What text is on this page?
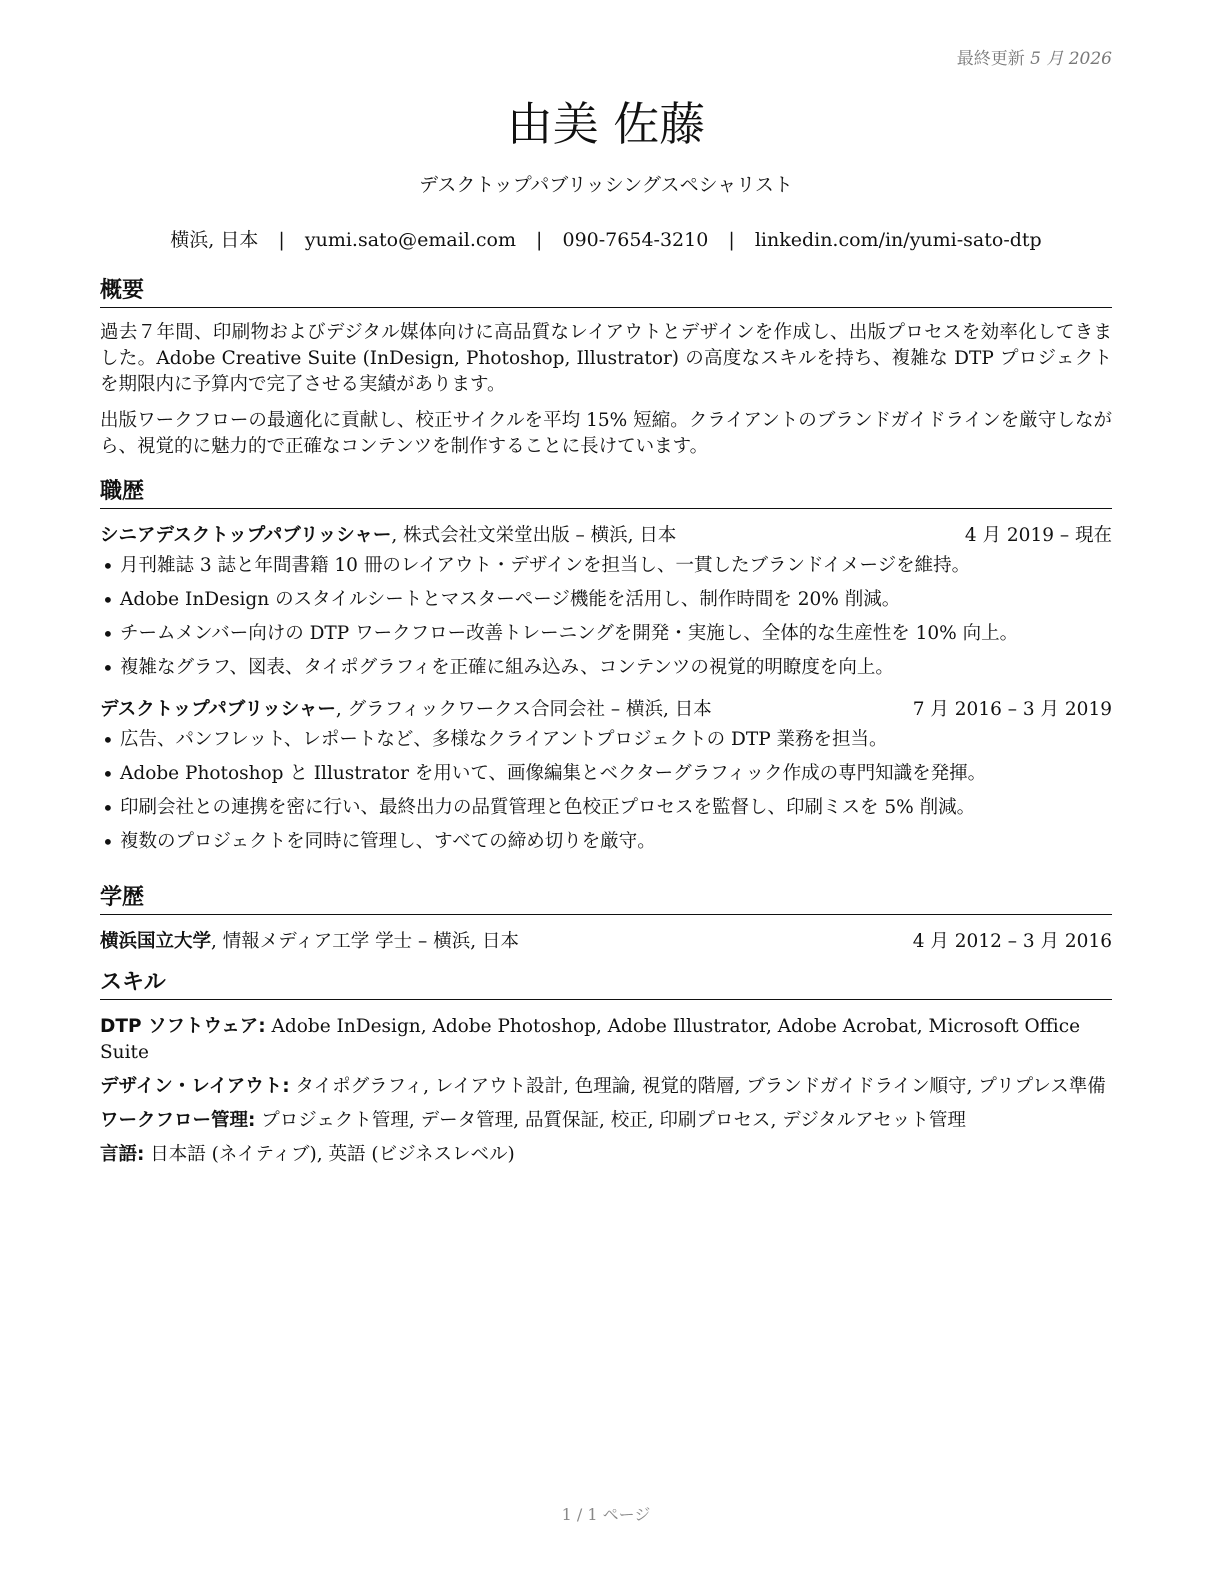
最終更新 5 月 2026
由美 佐藤
デスクトップパブリッシングスペシャリスト
横浜, 日本 | yumi.sato@email.com | 090-7654-3210 | linkedin.com/in/yumi-sato-dtp
概要

過去７年間、印刷物およびデジタル媒体向けに高品質なレイアウトとデザインを作成し、出版プロセスを効率化してきました。Adobe Creative Suite (InDesign, Photoshop, Illustrator) の高度なスキルを持ち、複雑な DTP プロジェクトを期限内に予算内で完了させる実績があります。

出版ワークフローの最適化に貢献し、校正サイクルを平均 15% 短縮。クライアントのブランドガイドラインを厳守しながら、視覚的に魅力的で正確なコンテンツを制作することに長けています。

職歴
シニアデスクトップパブリッシャー, 株式会社文栄堂出版 – 横浜, 日本	4 月 2019 – 現在
• 月刊雑誌 3 誌と年間書籍 10 冊のレイアウト・デザインを担当し、一貫したブランドイメージを維持。
• Adobe InDesign のスタイルシートとマスターページ機能を活用し、制作時間を 20% 削減。
• チームメンバー向けの DTP ワークフロー改善トレーニングを開発・実施し、全体的な生産性を 10% 向上。
• 複雑なグラフ、図表、タイポグラフィを正確に組み込み、コンテンツの視覚的明瞭度を向上。
デスクトップパブリッシャー, グラフィックワークス合同会社 – 横浜, 日本	7 月 2016 – 3 月 2019
• 広告、パンフレット、レポートなど、多様なクライアントプロジェクトの DTP 業務を担当。
• Adobe Photoshop と Illustrator を用いて、画像編集とベクターグラフィック作成の専門知識を発揮。
• 印刷会社との連携を密に行い、最終出力の品質管理と色校正プロセスを監督し、印刷ミスを 5% 削減。
• 複数のプロジェクトを同時に管理し、すべての締め切りを厳守。
学歴
横浜国立大学, 情報メディア工学 学士 – 横浜, 日本	4 月 2012 – 3 月 2016
スキル
DTP ソフトウェア: Adobe InDesign, Adobe Photoshop, Adobe Illustrator, Adobe Acrobat, Microsoft Office Suite
デザイン・レイアウト: タイポグラフィ, レイアウト設計, 色理論, 視覚的階層, ブランドガイドライン順守, プリプレス準備
ワークフロー管理: プロジェクト管理, データ管理, 品質保証, 校正, 印刷プロセス, デジタルアセット管理
言語: 日本語 (ネイティブ), 英語 (ビジネスレベル)
1 / 1 ページ
